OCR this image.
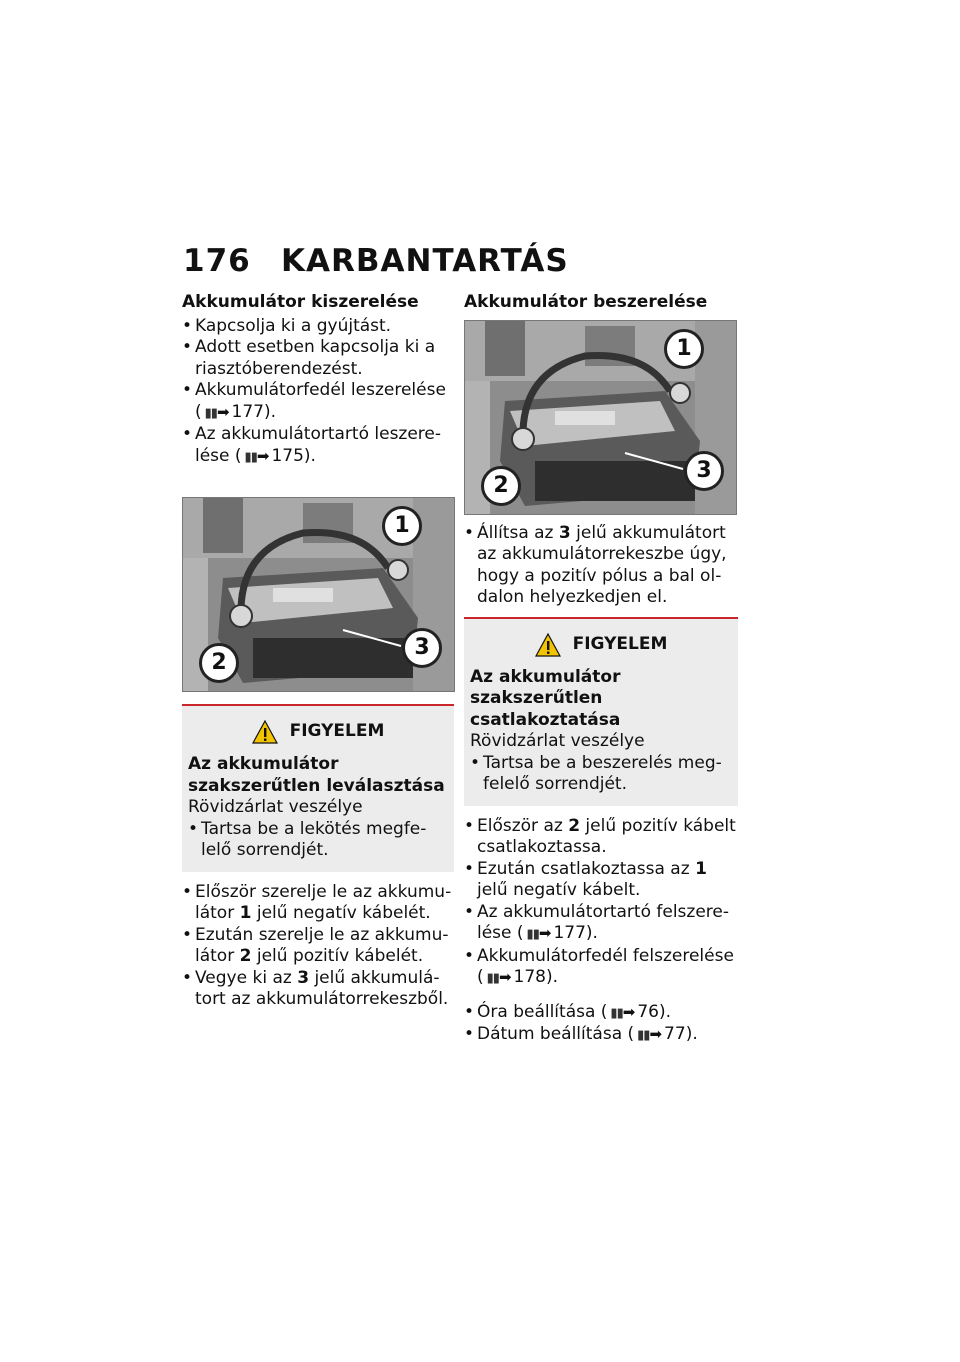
176 KARBANTARTÁS
Akkumulátor kiszerelése
• Kapcsolja ki a gyújtást.
• Adott esetben kapcsolja ki a riasztóberendezést.
• Akkumulátorfedél leszerelése ( ▮▮➡ 177).
• Az akkumulátortartó leszerelése ( ▮▮➡ 175).
1
2
3
FIGYELEM
Az akkumulátor szakszerűtlen leválasztása
Rövidzárlat veszélye
• Tartsa be a lekötés megfelelő sorrendjét.
• Először szerelje le az akkumulátor 1 jelű negatív kábelét.
• Ezután szerelje le az akkumulátor 2 jelű pozitív kábelét.
• Vegye ki az 3 jelű akkumulátort az akkumulátorrekeszből.
Akkumulátor beszerelése
1
2
3
• Állítsa az 3 jelű akkumulátort az akkumulátorrekeszbe úgy, hogy a pozitív pólus a bal oldalon helyezkedjen el.
FIGYELEM
Az akkumulátor szakszerűtlen csatlakoztatása
Rövidzárlat veszélye
• Tartsa be a beszerelés megfelelő sorrendjét.
• Először az 2 jelű pozitív kábelt csatlakoztassa.
• Ezután csatlakoztassa az 1 jelű negatív kábelt.
• Az akkumulátortartó felszerelése ( ▮▮➡ 177).
• Akkumulátorfedél felszerelése ( ▮▮➡ 178).
• Óra beállítása ( ▮▮➡ 76).
• Dátum beállítása ( ▮▮➡ 77).
